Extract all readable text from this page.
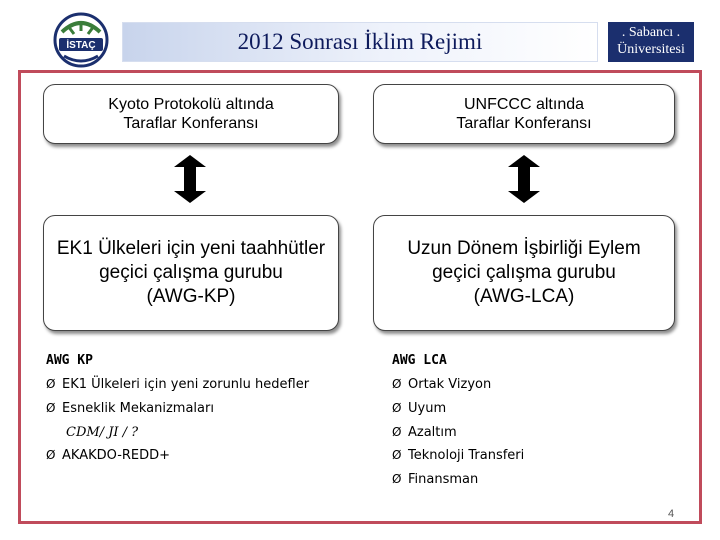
İSTAÇ	2012 Sonrası İklim Rejimi	. Sabancı .
Üniversitesi
Kyoto Protokolü altında
Taraflar Konferansı
UNFCCC altında
Taraflar Konferansı
EK1 Ülkeleri için yeni taahhütler
geçici çalışma gurubu
(AWG-KP)
Uzun Dönem İşbirliği Eylem
geçici çalışma gurubu
(AWG-LCA)
AWG KP
Ø EK1 Ülkeleri için yeni zorunlu hedefler
Ø Esneklik Mekanizmaları
CDM/ JI / ?
Ø AKAKDO-REDD+
AWG LCA
Ø Ortak Vizyon
Ø Uyum
Ø Azaltım
Ø Teknoloji Transferi
Ø Finansman
4
